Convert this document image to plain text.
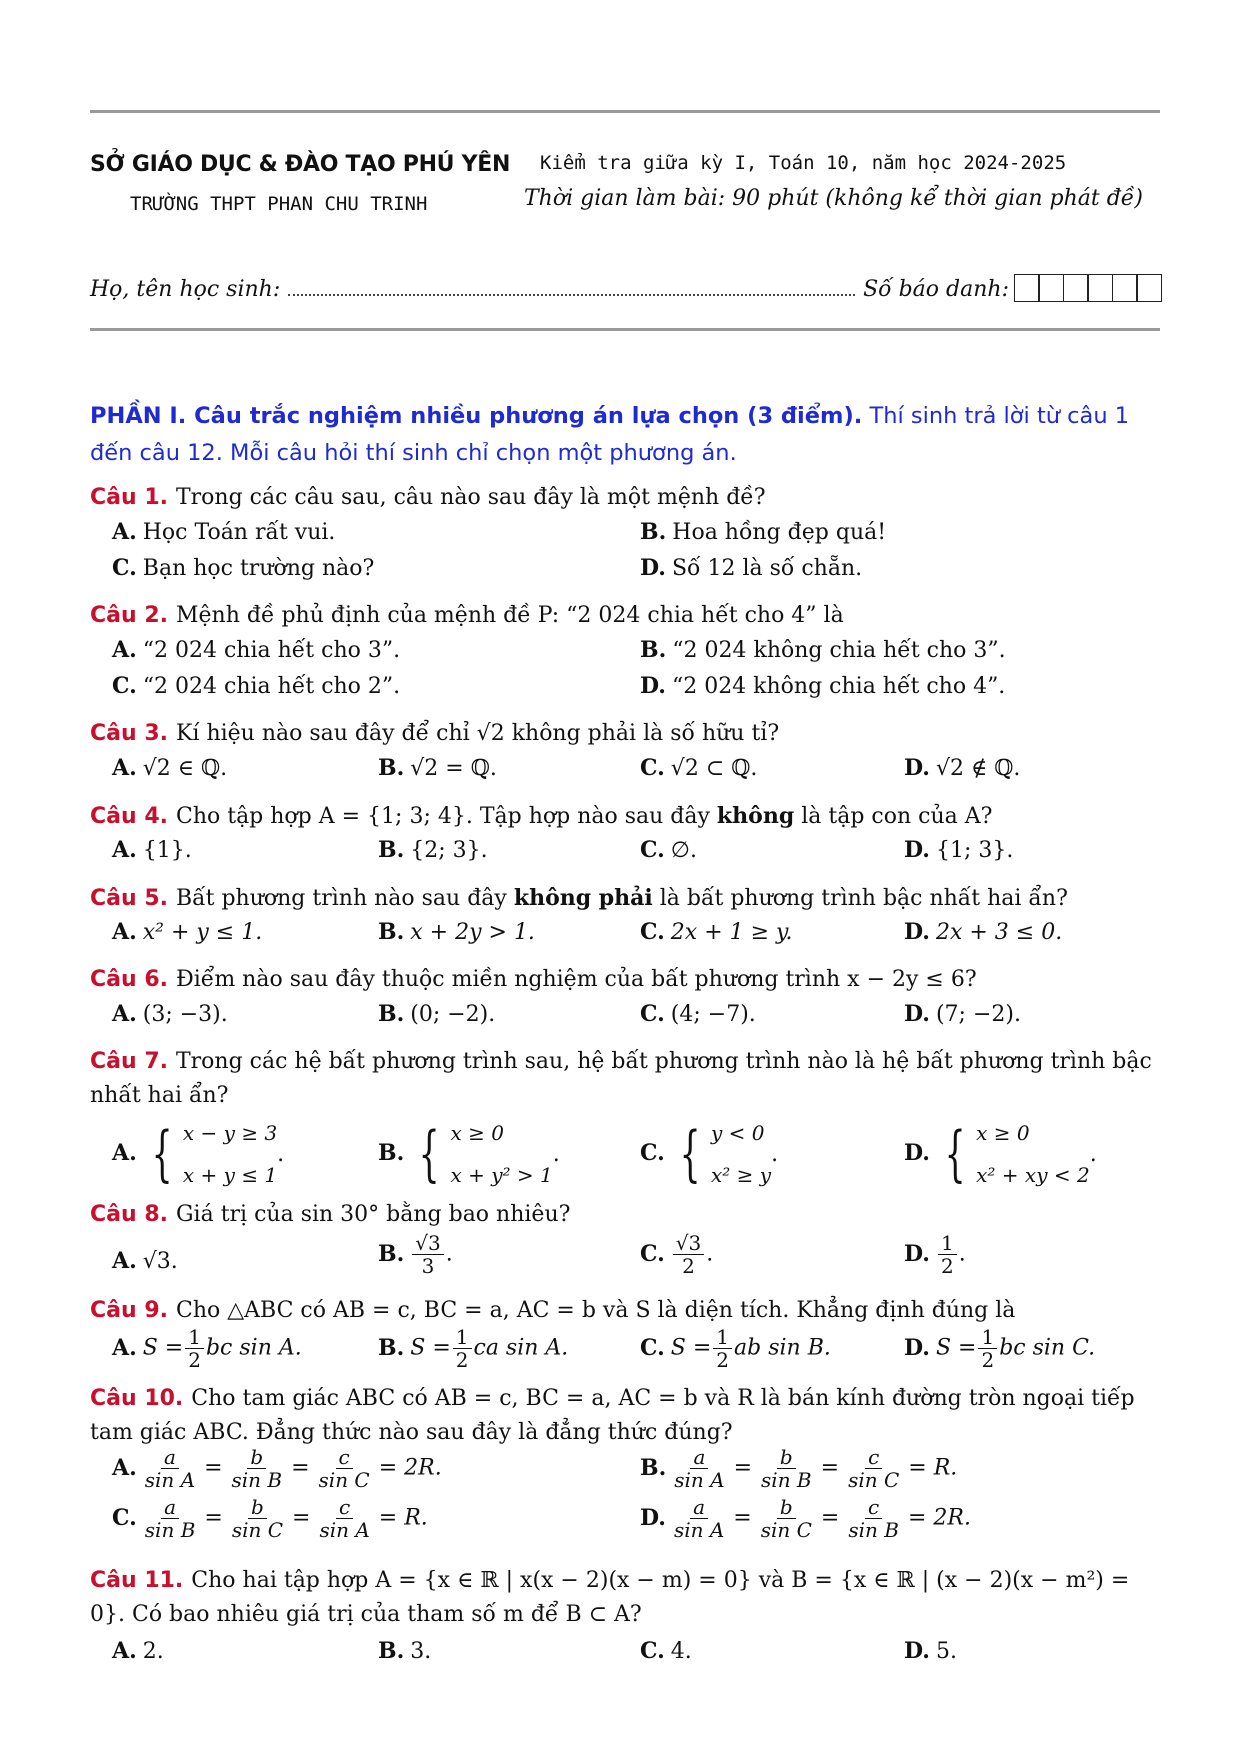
SỞ GIÁO DỤC & ĐÀO TẠO PHÚ YÊN
TRƯỜNG THPT PHAN CHU TRINH
Kiểm tra giữa kỳ I, Toán 10, năm học 2024-2025
Thời gian làm bài: 90 phút (không kể thời gian phát đề)
Họ, tên học sinh:	Số báo danh:
PHẦN I. Câu trắc nghiệm nhiều phương án lựa chọn (3 điểm). Thí sinh trả lời từ câu 1 đến câu 12. Mỗi câu hỏi thí sinh chỉ chọn một phương án.
Câu 1. Trong các câu sau, câu nào sau đây là một mệnh đề?
A. Học Toán rất vui.	B. Hoa hồng đẹp quá!
C. Bạn học trường nào?	D. Số 12 là số chẵn.
Câu 2. Mệnh đề phủ định của mệnh đề P: “2 024 chia hết cho 4” là
A. “2 024 chia hết cho 3”.	B. “2 024 không chia hết cho 3”.
C. “2 024 chia hết cho 2”.	D. “2 024 không chia hết cho 4”.
Câu 3. Kí hiệu nào sau đây để chỉ √2 không phải là số hữu tỉ?
A. √2 ∈ ℚ.	B. √2 = ℚ.	C. √2 ⊂ ℚ.	D. √2 ∉ ℚ.
Câu 4. Cho tập hợp A = {1; 3; 4}. Tập hợp nào sau đây không là tập con của A?
A. {1}.	B. {2; 3}.	C. ∅.	D. {1; 3}.
Câu 5. Bất phương trình nào sau đây không phải là bất phương trình bậc nhất hai ẩn?
A. x² + y ≤ 1.	B. x + 2y > 1.	C. 2x + 1 ≥ y.	D. 2x + 3 ≤ 0.
Câu 6. Điểm nào sau đây thuộc miền nghiệm của bất phương trình x − 2y ≤ 6?
A. (3; −3).	B. (0; −2).	C. (4; −7).	D. (7; −2).
Câu 7. Trong các hệ bất phương trình sau, hệ bất phương trình nào là hệ bất phương trình bậc nhất hai ẩn?
A. { x − y ≥ 3
x + y ≤ 1
.	B. { x ≥ 0
x + y² > 1
.	C. { y < 0
x² ≥ y
.	D. { x ≥ 0
x² + xy < 2
.
Câu 8. Giá trị của sin 30° bằng bao nhiêu?
A. √3.	B. $\frac{√3}{3}$ .	C. $\frac{√3}{2}$ .	D. $\frac{1}{2}$ .
Câu 9. Cho △ABC có AB = c, BC = a, AC = b và S là diện tích. Khẳng định đúng là
A. $S = \frac{1}{2}$ bc sin A.	B. $S = \frac{1}{2}$ ca sin A.	C. $S = \frac{1}{2}$ ab sin B.	D. $S = \frac{1}{2}$ bc sin C.
Câu 10. Cho tam giác ABC có AB = c, BC = a, AC = b và R là bán kính đường tròn ngoại tiếp tam giác ABC. Đẳng thức nào sau đây là đẳng thức đúng?
A. $\frac{a}{\text{sin A}} = \frac{b}{\text{sin B}} = \frac{c}{\text{sin C}} = 2R$.	B. $\frac{a}{\text{sin A}} = \frac{b}{\text{sin B}} = \frac{c}{\text{sin C}} = R$.
C. $\frac{a}{\text{sin B}} = \frac{b}{\text{sin C}} = \frac{c}{\text{sin A}} = R$.	D. $\frac{a}{\text{sin A}} = \frac{b}{\text{sin C}} = \frac{c}{\text{sin B}} = 2R$.
Câu 11. Cho hai tập hợp A = {x ∈ ℝ | x(x − 2)(x − m) = 0} và B = {x ∈ ℝ | (x − 2)(x − m²) = 0}. Có bao nhiêu giá trị của tham số m để B ⊂ A?
A. 2.	B. 3.	C. 4.	D. 5.
